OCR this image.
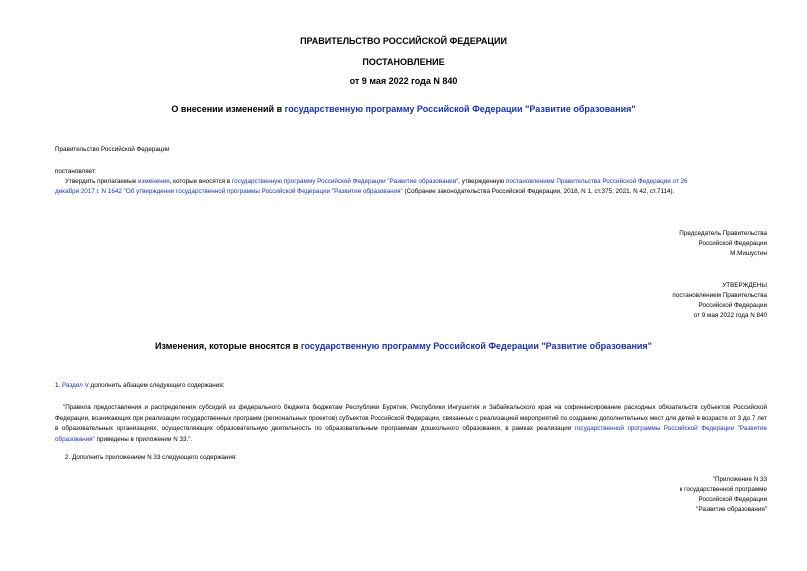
ПРАВИТЕЛЬСТВО РОССИЙСКОЙ ФЕДЕРАЦИИ
ПОСТАНОВЛЕНИЕ
от 9 мая 2022 года N 840
О внесении изменений в государственную программу Российской Федерации "Развитие образования"
Правительство Российской Федерации
постановляет:
Утвердить прилагаемые изменения, которые вносятся в государственную программу Российской Федерации "Развитие образования", утвержденную постановлением Правительства Российской Федерации от 26
декабря 2017 г. N 1642 "Об утверждении государственной программы Российской Федерации "Развитие образования" (Собрание законодательства Российской Федерации, 2018, N 1, ст.375; 2021, N 42, ст.7114).
Председатель Правительства
Российской Федерации
М.Мишустин
УТВЕРЖДЕНЫ
постановлением Правительства
Российской Федерации
от 9 мая 2022 года N 840
Изменения, которые вносятся в государственную программу Российской Федерации "Развитие образования"
1. Раздел V дополнить абзацем следующего содержания:
"Правила предоставления и распределения субсидий из федерального бюджета бюджетам Республики Бурятия, Республики Ингушетия и Забайкальского края на софинансирование расходных обязательств субъектов Российской Федерации, возникающих при реализации государственных программ (региональных проектов) субъектов Российской Федерации, связанных с реализацией мероприятий по созданию дополнительных мест для детей в возрасте от 3 до 7 лет в образовательных организациях, осуществляющих образовательную деятельность по образовательным программам дошкольного образования, в рамках реализации государственной программы Российской Федерации "Развитие образования" приведены в приложении N 33.".
2. Дополнить приложением N 33 следующего содержания:
"Приложение N 33
к государственной программе
Российской Федерации
"Развитие образования"
